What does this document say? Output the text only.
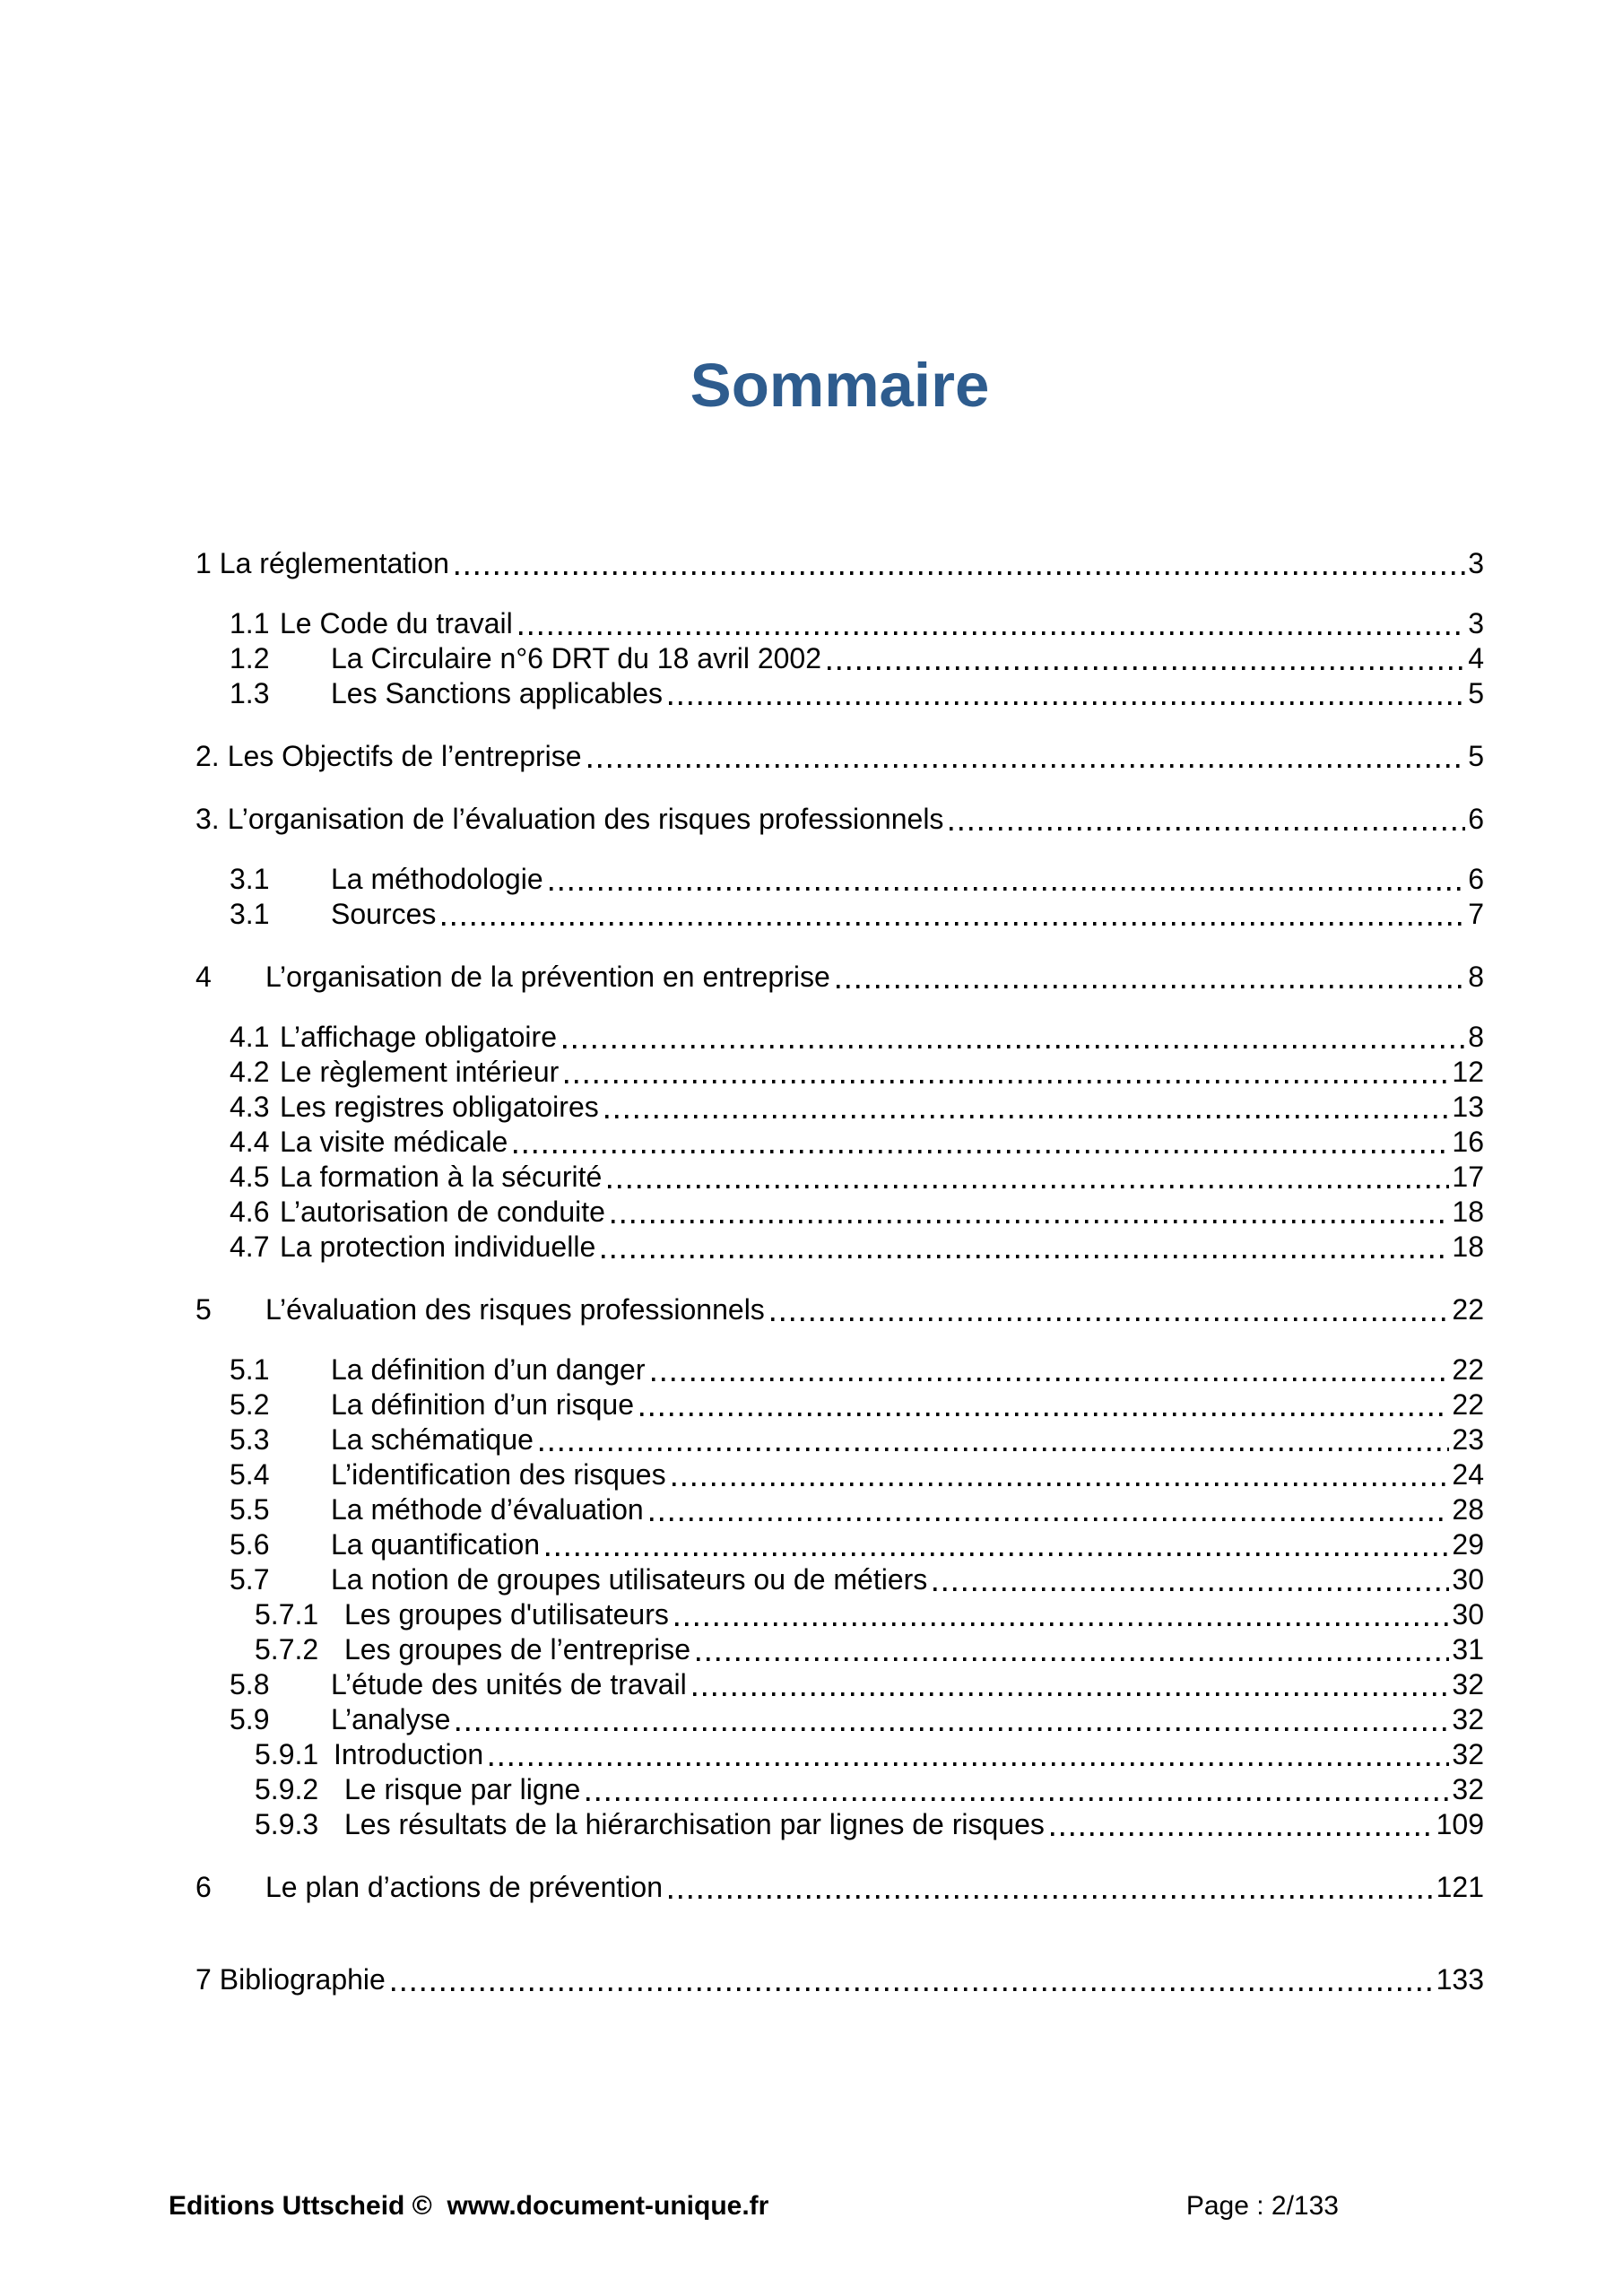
Sommaire
1 La réglementation	3
1.1 Le Code du travail	3
1.2	La Circulaire n°6 DRT du 18 avril 2002	4
1.3	Les Sanctions applicables	5
2. Les Objectifs de l’entreprise	5
3. L’organisation de l’évaluation des risques professionnels	6
3.1	La méthodologie	6
3.1	Sources	7
4	L’organisation de la prévention en entreprise	8
4.1 L’affichage obligatoire	8
4.2 Le règlement intérieur	12
4.3 Les registres obligatoires	13
4.4 La visite médicale	16
4.5 La formation à la sécurité	17
4.6 L’autorisation de conduite	18
4.7 La protection individuelle	18
5	L’évaluation des risques professionnels	22
5.1	La définition d’un danger	22
5.2	La définition d’un risque	22
5.3	La schématique	23
5.4	L’identification des risques	24
5.5	La méthode d’évaluation	28
5.6	La quantification	29
5.7	La notion de groupes utilisateurs ou de métiers	30
5.7.1 Les groupes d'utilisateurs	30
5.7.2 Les groupes de l’entreprise	31
5.8	L’étude des unités de travail	32
5.9	L’analyse	32
5.9.1 Introduction	32
5.9.2 Le risque par ligne	32
5.9.3 Les résultats de la hiérarchisation par lignes de risques	109
6	Le plan d’actions de prévention	121
7 Bibliographie	133
Editions Uttscheid ©  www.document-unique.fr	Page : 2/133
